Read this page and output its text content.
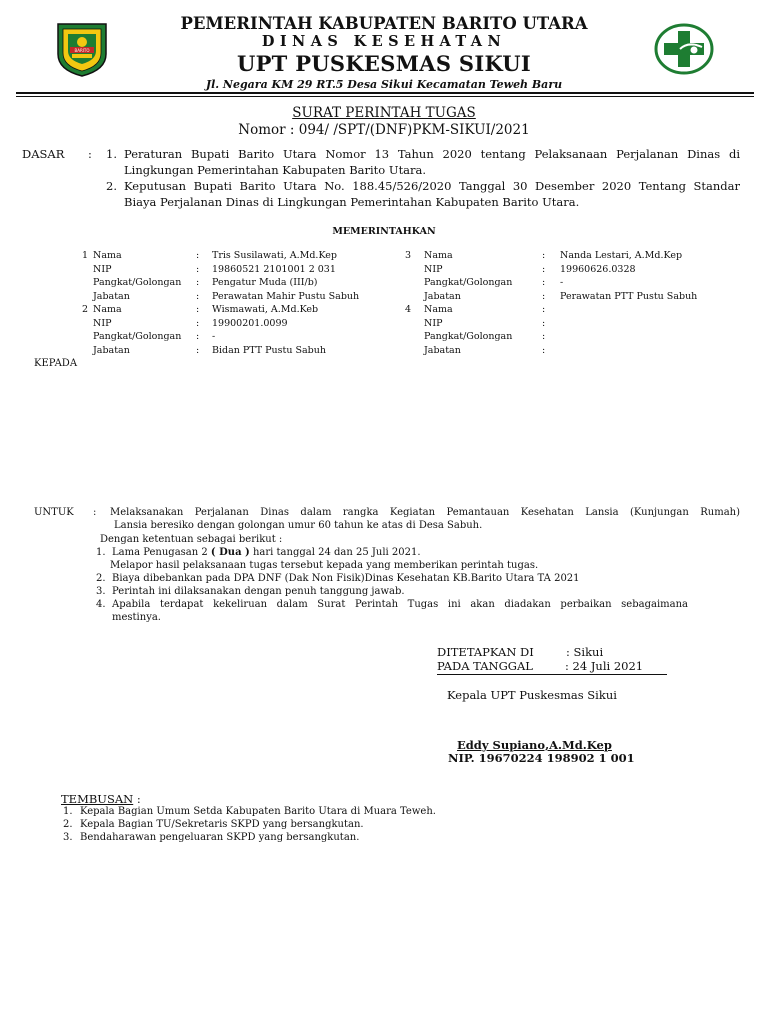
BARITO
PEMERINTAH KABUPATEN BARITO UTARA
DINAS KESEHATAN
UPT PUSKESMAS SIKUI
Jl. Negara KM 29 RT.5 Desa Sikui Kecamatan Teweh Baru
SURAT PERINTAH TUGAS
Nomor : 094/ /SPT/(DNF)PKM-SIKUI/2021
DASAR : 1. Peraturan Bupati Barito Utara Nomor 13 Tahun 2020 tentang Pelaksanaan Perjalanan Dinas di
Lingkungan Pemerintahan Kabupaten Barito Utara.
2. Keputusan Bupati Barito Utara No. 188.45/526/2020 Tanggal 30 Desember 2020 Tentang Standar
Biaya Perjalanan Dinas di Lingkungan Pemerintahan Kabupaten Barito Utara.
MEMERINTAHKAN
1 Nama	: Tris Susilawati, A.Md.Kep
NIP	: 19860521 2101001 2 031
Pangkat/Golongan : Pengatur Muda (III/b)
Jabatan	: Perawatan Mahir Pustu Sabuh
2 Nama	: Wismawati, A.Md.Keb
NIP	: 19900201.0099
Pangkat/Golongan : -
Jabatan	: Bidan PTT Pustu Sabuh
3 Nama	: Nanda Lestari, A.Md.Kep
NIP	: 19960626.0328
Pangkat/Golongan	: -
Jabatan	: Perawatan PTT Pustu Sabuh
4 Nama	:
NIP	:
Pangkat/Golongan	:
Jabatan	:
KEPADA
UNTUK : Melaksanakan Perjalanan Dinas dalam rangka Kegiatan Pemantauan Kesehatan Lansia (Kunjungan Rumah)
Lansia beresiko dengan golongan umur 60 tahun ke atas di Desa Sabuh.
Dengan ketentuan sebagai berikut :
1. Lama Penugasan 2 ( Dua ) hari tanggal 24 dan 25 Juli 2021.
Melapor hasil pelaksanaan tugas tersebut kepada yang memberikan perintah tugas.
2. Biaya dibebankan pada DPA DNF (Dak Non Fisik)Dinas Kesehatan KB.Barito Utara TA 2021
3. Perintah ini dilaksanakan dengan penuh tanggung jawab.
4. Apabila terdapat kekeliruan dalam Surat Perintah Tugas ini akan diadakan perbaikan sebagaimana
mestinya.
DITETAPKAN DI	: Sikui
PADA TANGGAL	: 24 Juli 2021
Kepala UPT Puskesmas Sikui
Eddy Supiano,A.Md.Kep
NIP. 19670224 198902 1 001
TEMBUSAN :
1. Kepala Bagian Umum Setda Kabupaten Barito Utara di Muara Teweh.
2. Kepala Bagian TU/Sekretaris SKPD yang bersangkutan.
3. Bendaharawan pengeluaran SKPD yang bersangkutan.
